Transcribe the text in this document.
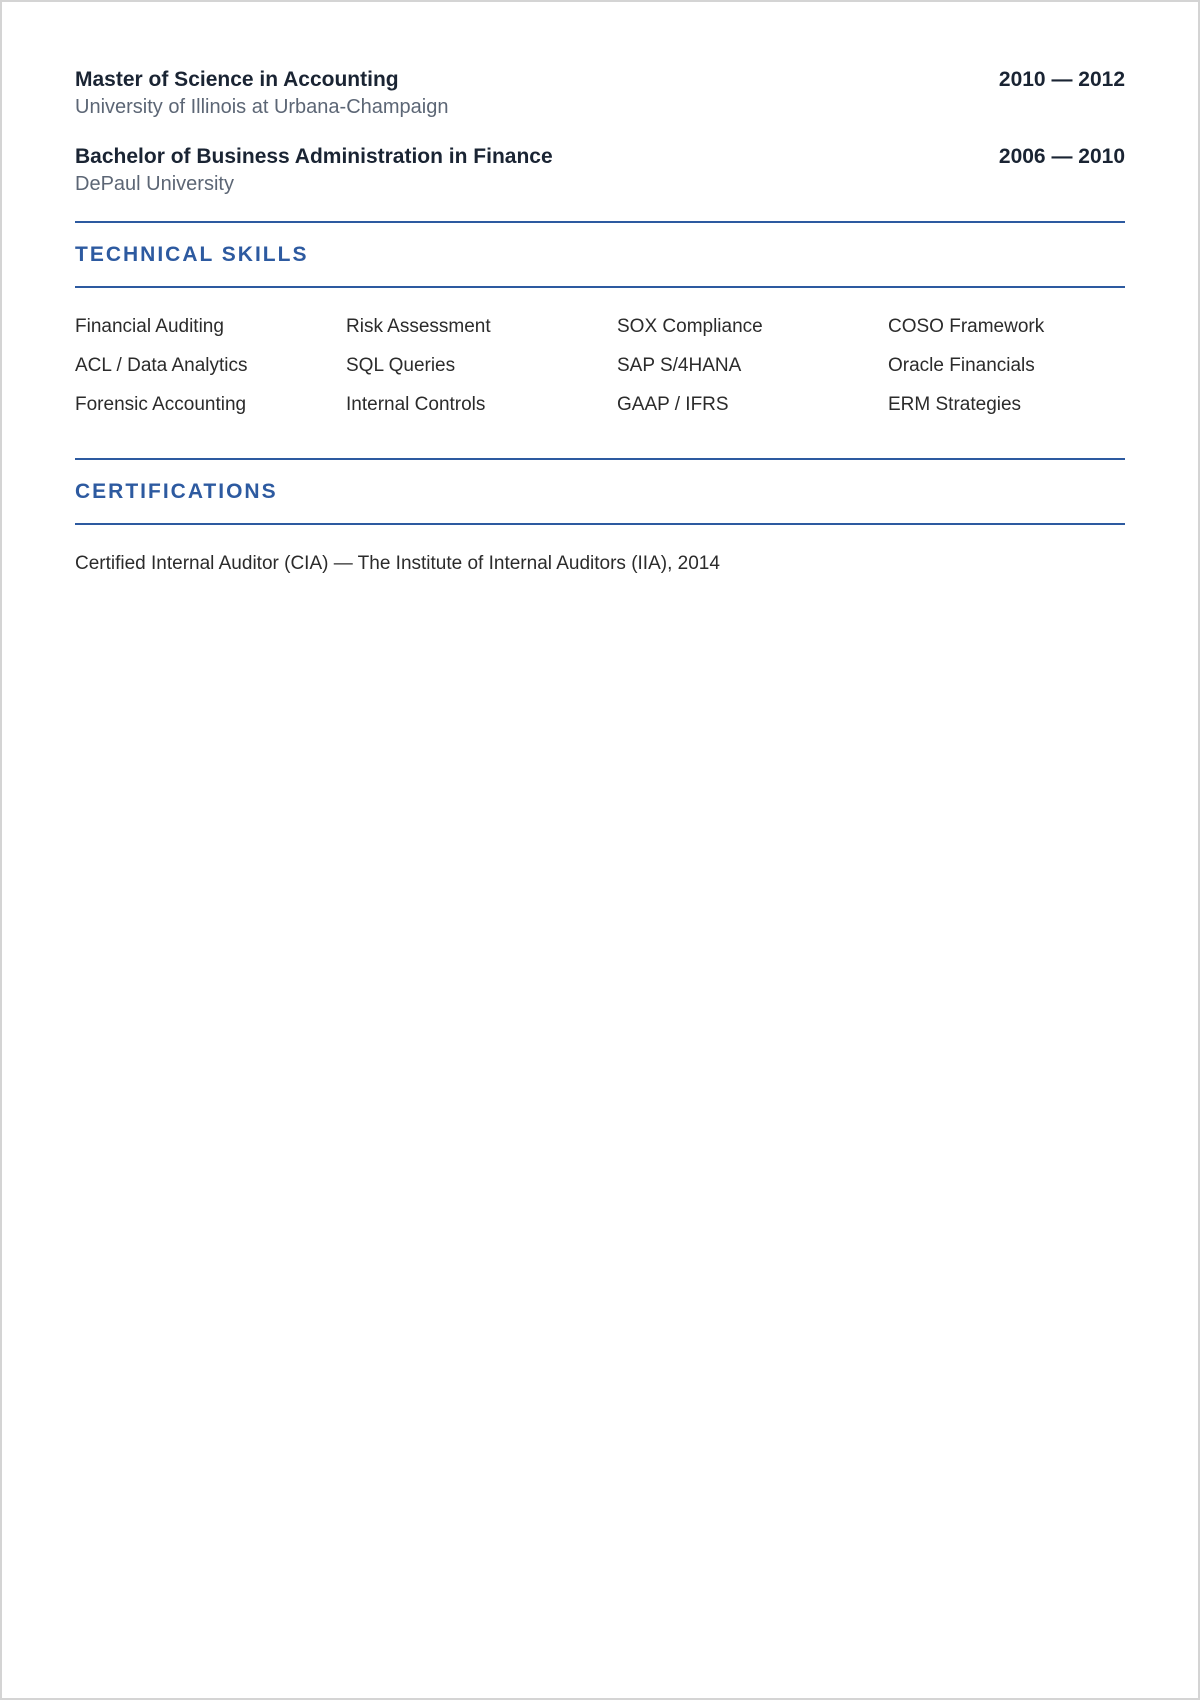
Master of Science in Accounting	2010 — 2012
University of Illinois at Urbana-Champaign
Bachelor of Business Administration in Finance	2006 — 2010
DePaul University
TECHNICAL SKILLS
Financial Auditing	Risk Assessment	SOX Compliance	COSO Framework
ACL / Data Analytics	SQL Queries	SAP S/4HANA	Oracle Financials
Forensic Accounting	Internal Controls	GAAP / IFRS	ERM Strategies
CERTIFICATIONS
Certified Internal Auditor (CIA) — The Institute of Internal Auditors (IIA), 2014
